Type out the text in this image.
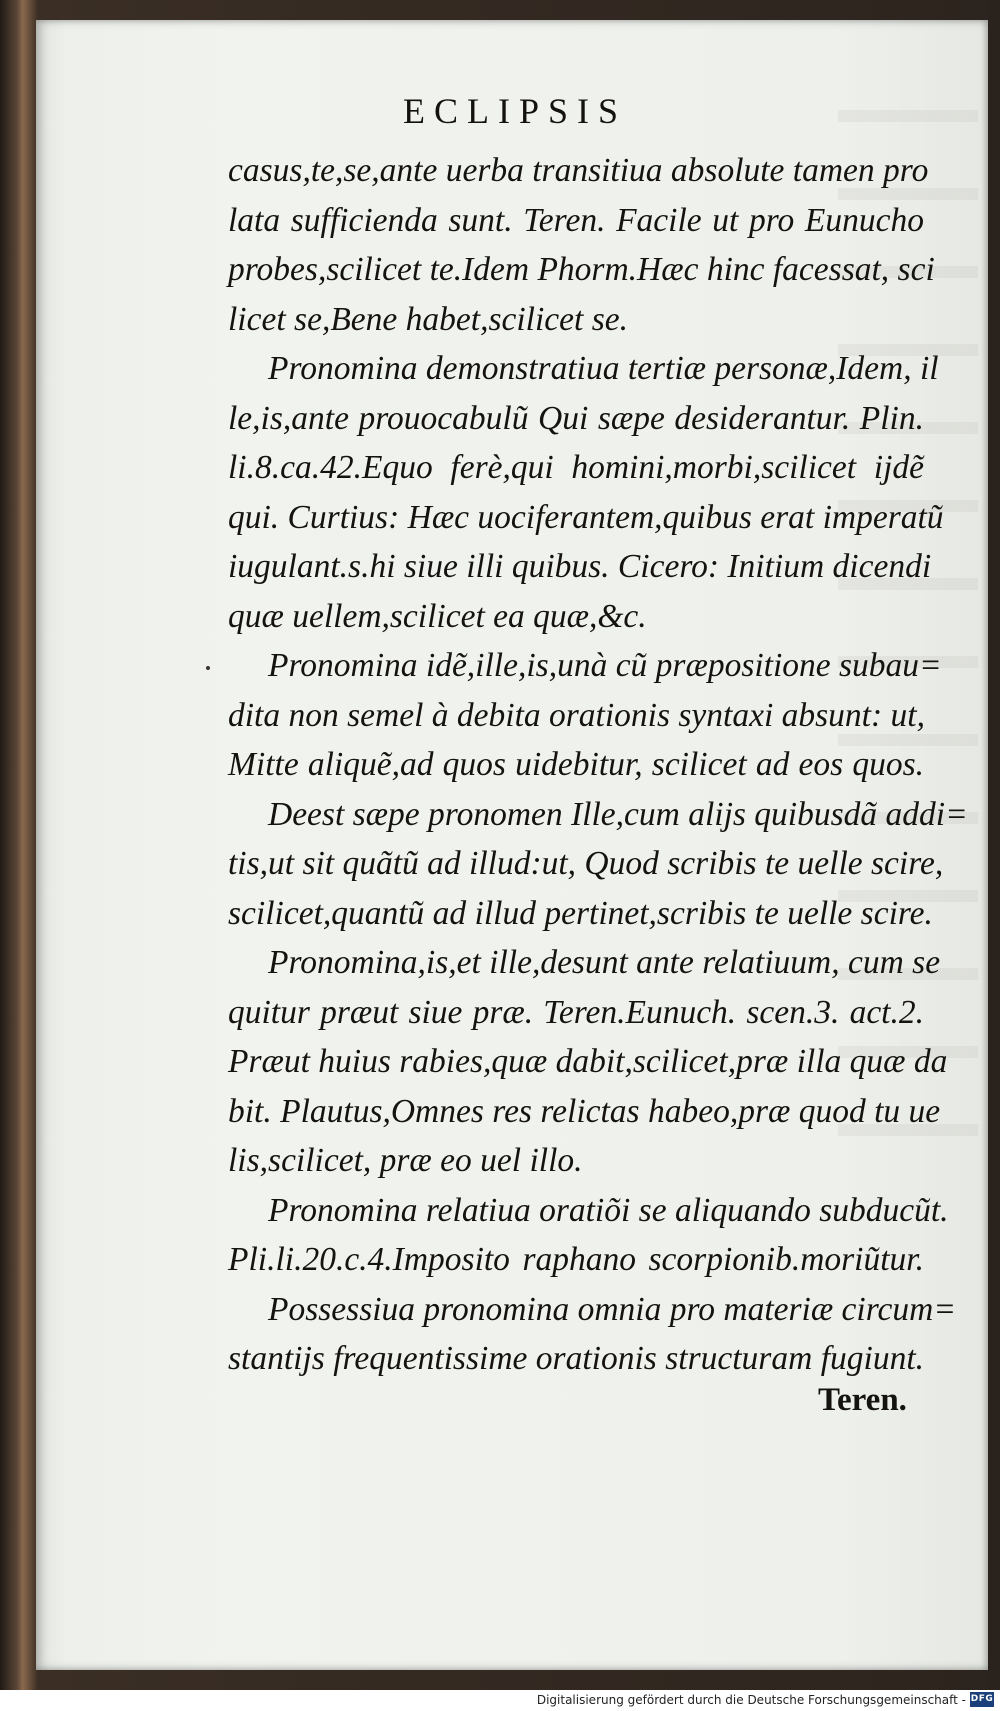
ECLIPSIS
casus,te,se,ante uerba transitiua absolute tamen pro
lata sufficienda sunt. Teren. Facile ut pro Eunucho
probes,scilicet te.Idem Phorm.Hæc hinc facessat, sci
licet se,Bene habet,scilicet se.
Pronomina demonstratiua tertiæ personæ,Idem, il
le,is,ante prouocabulũ Qui sæpe desiderantur. Plin.
li.8.ca.42.Equo ferè,qui homini,morbi,scilicet ijdẽ
qui. Curtius: Hæc uociferantem,quibus erat imperatũ
iugulant.s.hi siue illi quibus. Cicero: Initium dicendi
quæ uellem,scilicet ea quæ,&c.
Pronomina idẽ,ille,is,unà cũ præpositione subau=
dita non semel à debita orationis syntaxi absunt: ut,
Mitte aliquẽ,ad quos uidebitur, scilicet ad eos quos.
Deest sæpe pronomen Ille,cum alijs quibusdã addi=
tis,ut sit quãtũ ad illud:ut, Quod scribis te uelle scire,
scilicet,quantũ ad illud pertinet,scribis te uelle scire.
Pronomina,is,et ille,desunt ante relatiuum, cum se
quitur præut siue præ. Teren.Eunuch. scen.3. act.2.
Præut huius rabies,quæ dabit,scilicet,præ illa quæ da
bit. Plautus,Omnes res relictas habeo,præ quod tu ue
lis,scilicet, præ eo uel illo.
Pronomina relatiua oratiõi se aliquando subducũt.
Pli.li.20.c.4.Imposito raphano scorpionib.moriũtur.
Possessiua pronomina omnia pro materiæ circum=
stantijs frequentissime orationis structuram fugiunt.
Teren.
Digitalisierung gefördert durch die Deutsche Forschungsgemeinschaft - DFG
